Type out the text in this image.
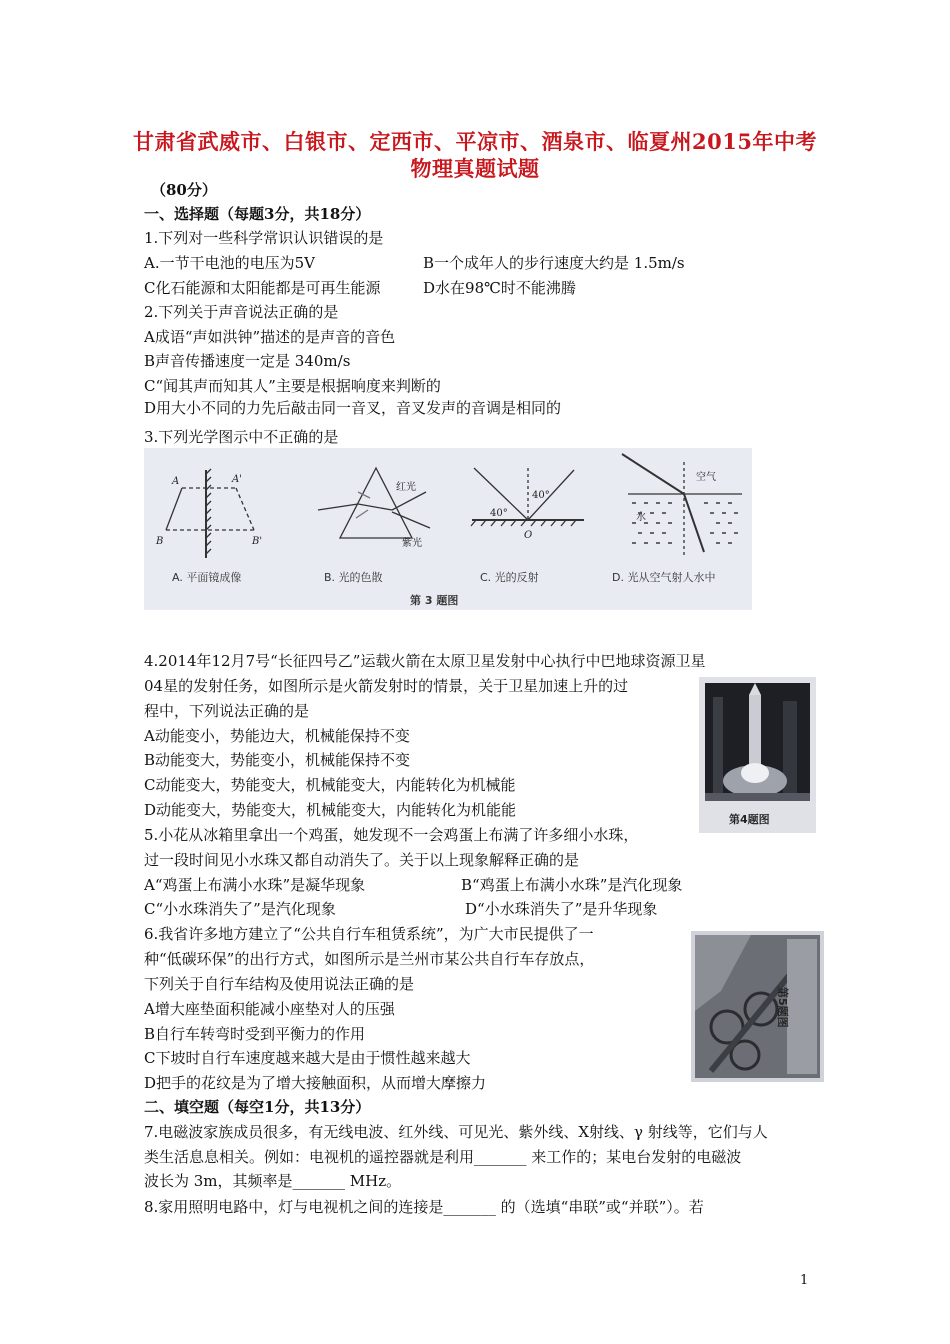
甘肃省武威市、白银市、定西市、平凉市、酒泉市、临夏州2015年中考
物理真题试题
（80分）
一、选择题（每题3分，共18分）
1.下列对一些科学常识认识错误的是
A.一节干电池的电压为5V	B一个成年人的步行速度大约是 1.5m/s
C化石能源和太阳能都是可再生能源	D水在98℃时不能沸腾
2.下列关于声音说法正确的是
A成语“声如洪钟”描述的是声音的音色
B声音传播速度一定是 340m/s
C“闻其声而知其人”主要是根据响度来判断的
D用大小不同的力先后敲击同一音叉，音叉发声的音调是相同的
3.下列光学图示中不正确的是
A	A'
B	B'
红光
紫光
40°
40°
O
空气
水
A. 平面镜成像	B. 光的色散	C. 光的反射	D. 光从空气射人水中
第 3 题图
4.2014年12月7号“长征四号乙”运载火箭在太原卫星发射中心执行中巴地球资源卫星
04星的发射任务，如图所示是火箭发射时的情景，关于卫星加速上升的过
程中，下列说法正确的是
A动能变小，势能边大，机械能保持不变
B动能变大，势能变小，机械能保持不变
C动能变大，势能变大，机械能变大，内能转化为机械能
D动能变大，势能变大，机械能变大，内能转化为机能能
第4题图
5.小花从冰箱里拿出一个鸡蛋，她发现不一会鸡蛋上布满了许多细小水珠，
过一段时间见小水珠又都自动消失了。关于以上现象解释正确的是
A“鸡蛋上布满小水珠”是凝华现象	B“鸡蛋上布满小水珠”是汽化现象
C“小水珠消失了”是汽化现象	D“小水珠消失了”是升华现象
6.我省许多地方建立了“公共自行车租赁系统”，为广大市民提供了一
种“低碳环保”的出行方式，如图所示是兰州市某公共自行车存放点，
下列关于自行车结构及使用说法正确的是
A增大座垫面积能减小座垫对人的压强
B自行车转弯时受到平衡力的作用
C下坡时自行车速度越来越大是由于惯性越来越大
D把手的花纹是为了增大接触面积，从而增大摩擦力
第5题图
二、填空题（每空1分，共13分）
7.电磁波家族成员很多，有无线电波、红外线、可见光、紫外线、X射线、γ 射线等，它们与人
类生活息息相关。例如：电视机的遥控器就是利用_______ 来工作的；某电台发射的电磁波
波长为 3m，其频率是_______ MHz。
8.家用照明电路中，灯与电视机之间的连接是_______ 的（选填“串联”或“并联”）。若
1
